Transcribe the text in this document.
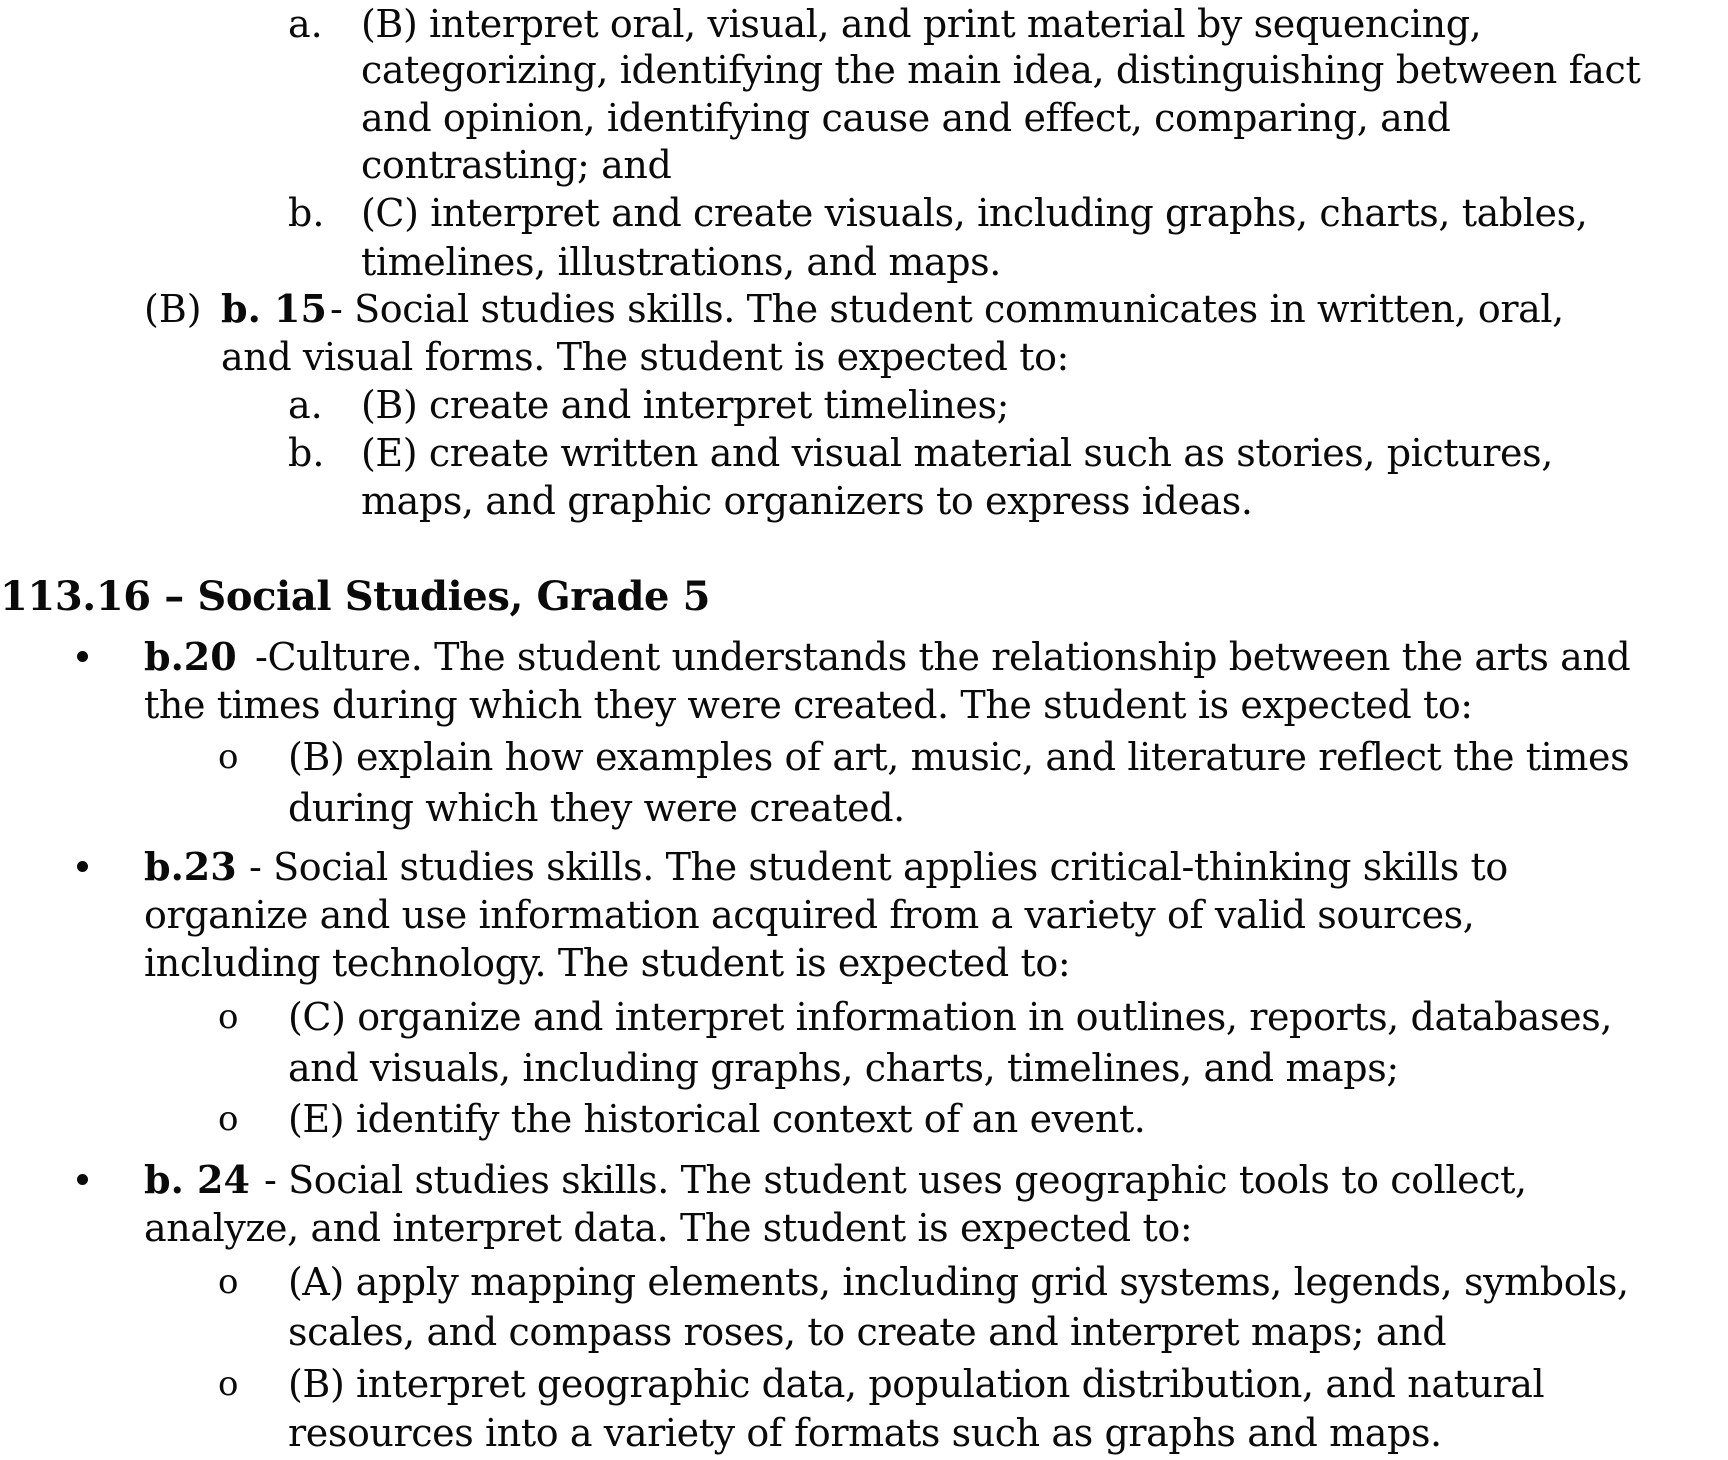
a. (B) interpret oral, visual, and print material by sequencing,
categorizing, identifying the main idea, distinguishing between fact
and opinion, identifying cause and effect, comparing, and
contrasting; and
b. (C) interpret and create visuals, including graphs, charts, tables,
timelines, illustrations, and maps.
(B) b. 15 - Social studies skills. The student communicates in written, oral,
and visual forms. The student is expected to:
a. (B) create and interpret timelines;
b. (E) create written and visual material such as stories, pictures,
maps, and graphic organizers to express ideas.
113.16 – Social Studies, Grade 5
b.20 -Culture. The student understands the relationship between the arts and
the times during which they were created. The student is expected to:
o (B) explain how examples of art, music, and literature reflect the times
during which they were created.
b.23 - Social studies skills. The student applies critical-thinking skills to
organize and use information acquired from a variety of valid sources,
including technology. The student is expected to:
o (C) organize and interpret information in outlines, reports, databases,
and visuals, including graphs, charts, timelines, and maps;
o (E) identify the historical context of an event.
b. 24 - Social studies skills. The student uses geographic tools to collect,
analyze, and interpret data. The student is expected to:
o (A) apply mapping elements, including grid systems, legends, symbols,
scales, and compass roses, to create and interpret maps; and
o (B) interpret geographic data, population distribution, and natural
resources into a variety of formats such as graphs and maps.
